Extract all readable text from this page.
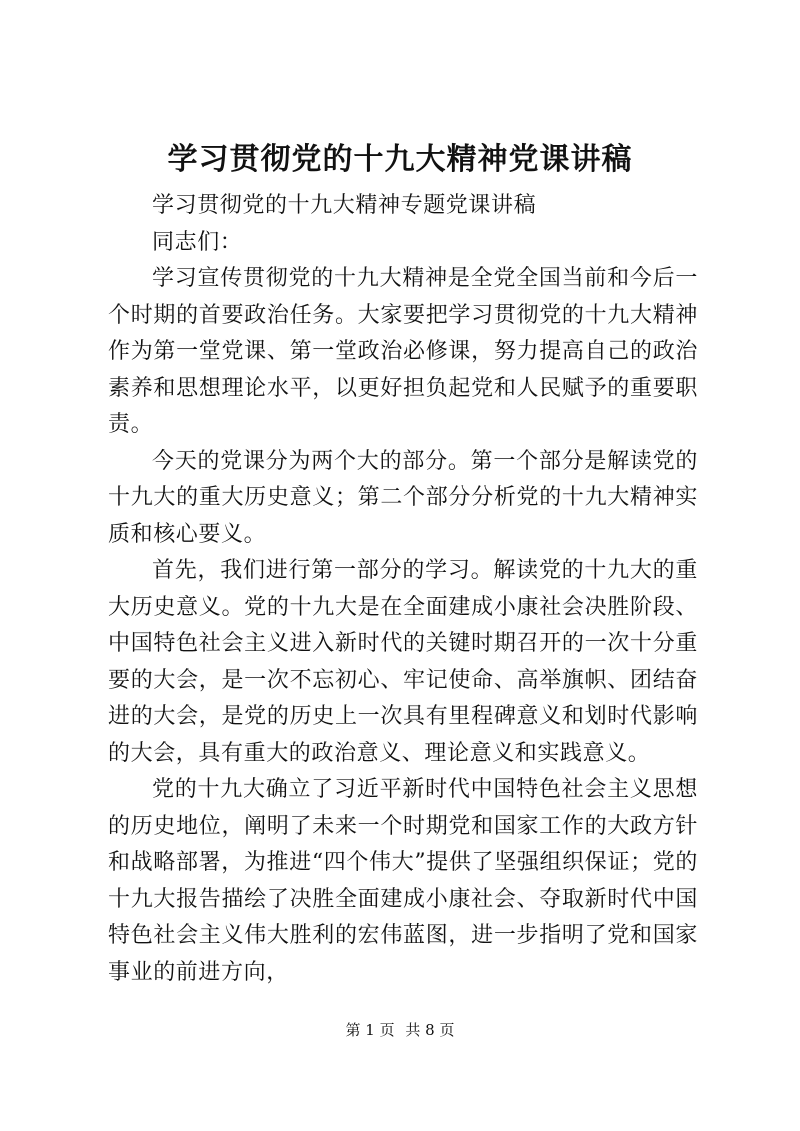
学习贯彻党的十九大精神党课讲稿

学习贯彻党的十九大精神专题党课讲稿

同志们：

学习宣传贯彻党的十九大精神是全党全国当前和今后一个时期的首要政治任务。大家要把学习贯彻党的十九大精神作为第一堂党课、第一堂政治必修课，努力提高自己的政治素养和思想理论水平，以更好担负起党和人民赋予的重要职责。

今天的党课分为两个大的部分。第一个部分是解读党的十九大的重大历史意义；第二个部分分析党的十九大精神实质和核心要义。

首先，我们进行第一部分的学习。解读党的十九大的重大历史意义。党的十九大是在全面建成小康社会决胜阶段、中国特色社会主义进入新时代的关键时期召开的一次十分重要的大会，是一次不忘初心、牢记使命、高举旗帜、团结奋进的大会，是党的历史上一次具有里程碑意义和划时代影响的大会，具有重大的政治意义、理论意义和实践意义。

党的十九大确立了习近平新时代中国特色社会主义思想的历史地位，阐明了未来一个时期党和国家工作的大政方针和战略部署，为推进“四个伟大”提供了坚强组织保证；党的十九大报告描绘了决胜全面建成小康社会、夺取新时代中国特色社会主义伟大胜利的宏伟蓝图，进一步指明了党和国家事业的前进方向，

第 1 页 共 8 页
